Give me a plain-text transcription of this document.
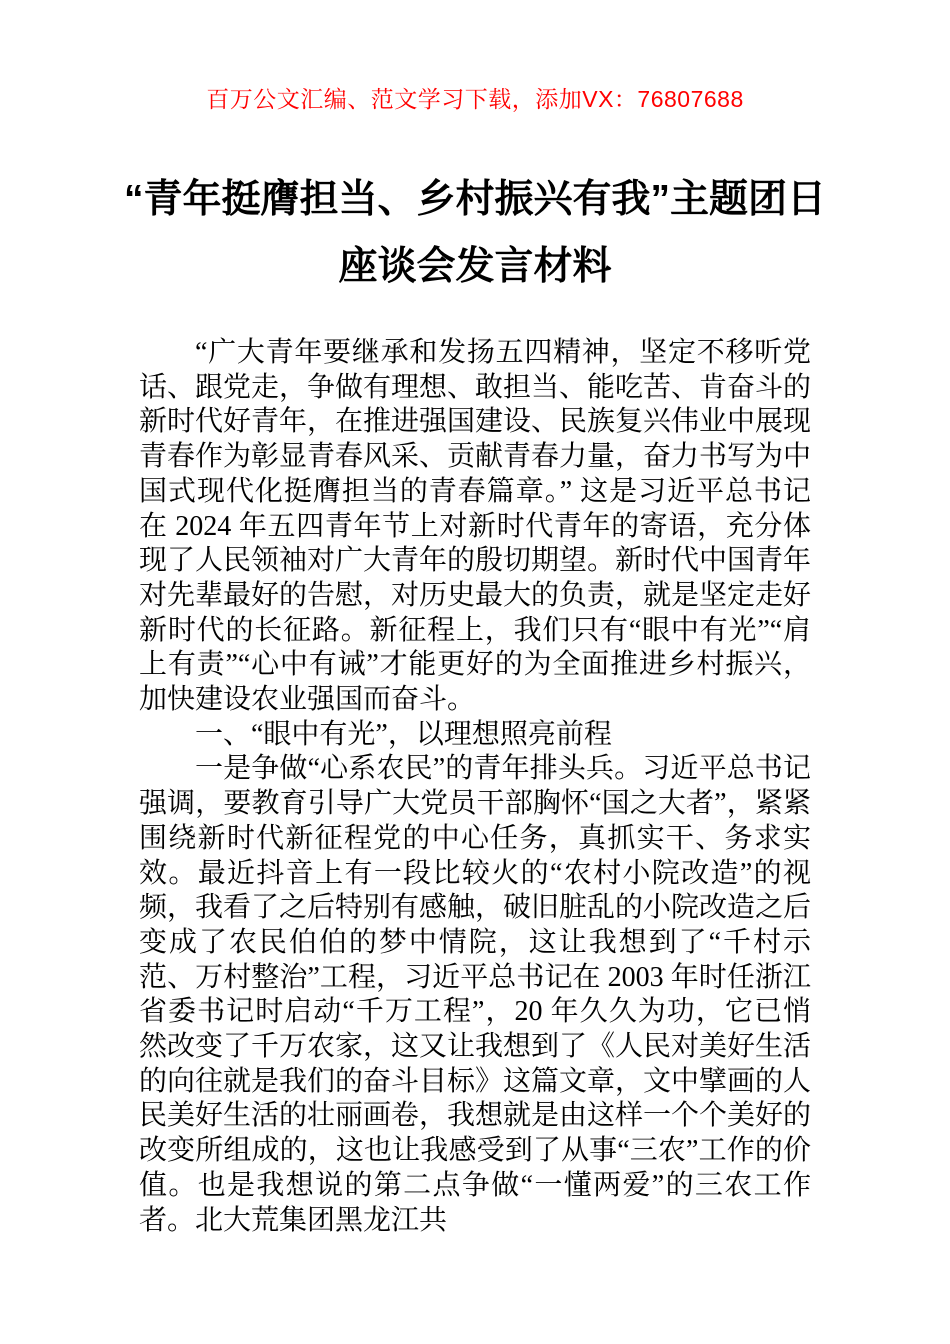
百万公文汇编、范文学习下载，添加VX：76807688
“青年挺膺担当、乡村振兴有我”主题团日
座谈会发言材料

“广大青年要继承和发扬五四精神，坚定不移听党话、跟党走，争做有理想、敢担当、能吃苦、肯奋斗的新时代好青年，在推进强国建设、民族复兴伟业中展现青春作为彰显青春风采、贡献青春力量，奋力书写为中国式现代化挺膺担当的青春篇章。” 这是习近平总书记在 2024 年五四青年节上对新时代青年的寄语，充分体现了人民领袖对广大青年的殷切期望。新时代中国青年对先辈最好的告慰，对历史最大的负责，就是坚定走好新时代的长征路。新征程上，我们只有“眼中有光”“肩上有责”“心中有诫”才能更好的为全面推进乡村振兴，加快建设农业强国而奋斗。

一、“眼中有光”，以理想照亮前程

一是争做“心系农民”的青年排头兵。习近平总书记强调，要教育引导广大党员干部胸怀“国之大者”，紧紧围绕新时代新征程党的中心任务，真抓实干、务求实效。最近抖音上有一段比较火的“农村小院改造”的视频，我看了之后特别有感触，破旧脏乱的小院改造之后变成了农民伯伯的梦中情院，这让我想到了“千村示范、万村整治”工程，习近平总书记在 2003 年时任浙江省委书记时启动“千万工程”，20 年久久为功，它已悄然改变了千万农家，这又让我想到了《人民对美好生活的向往就是我们的奋斗目标》这篇文章，文中擘画的人民美好生活的壮丽画卷，我想就是由这样一个个美好的改变所组成的，这也让我感受到了从事“三农”工作的价值。也是我想说的第二点争做“一懂两爱”的三农工作者。北大荒集团黑龙江共
